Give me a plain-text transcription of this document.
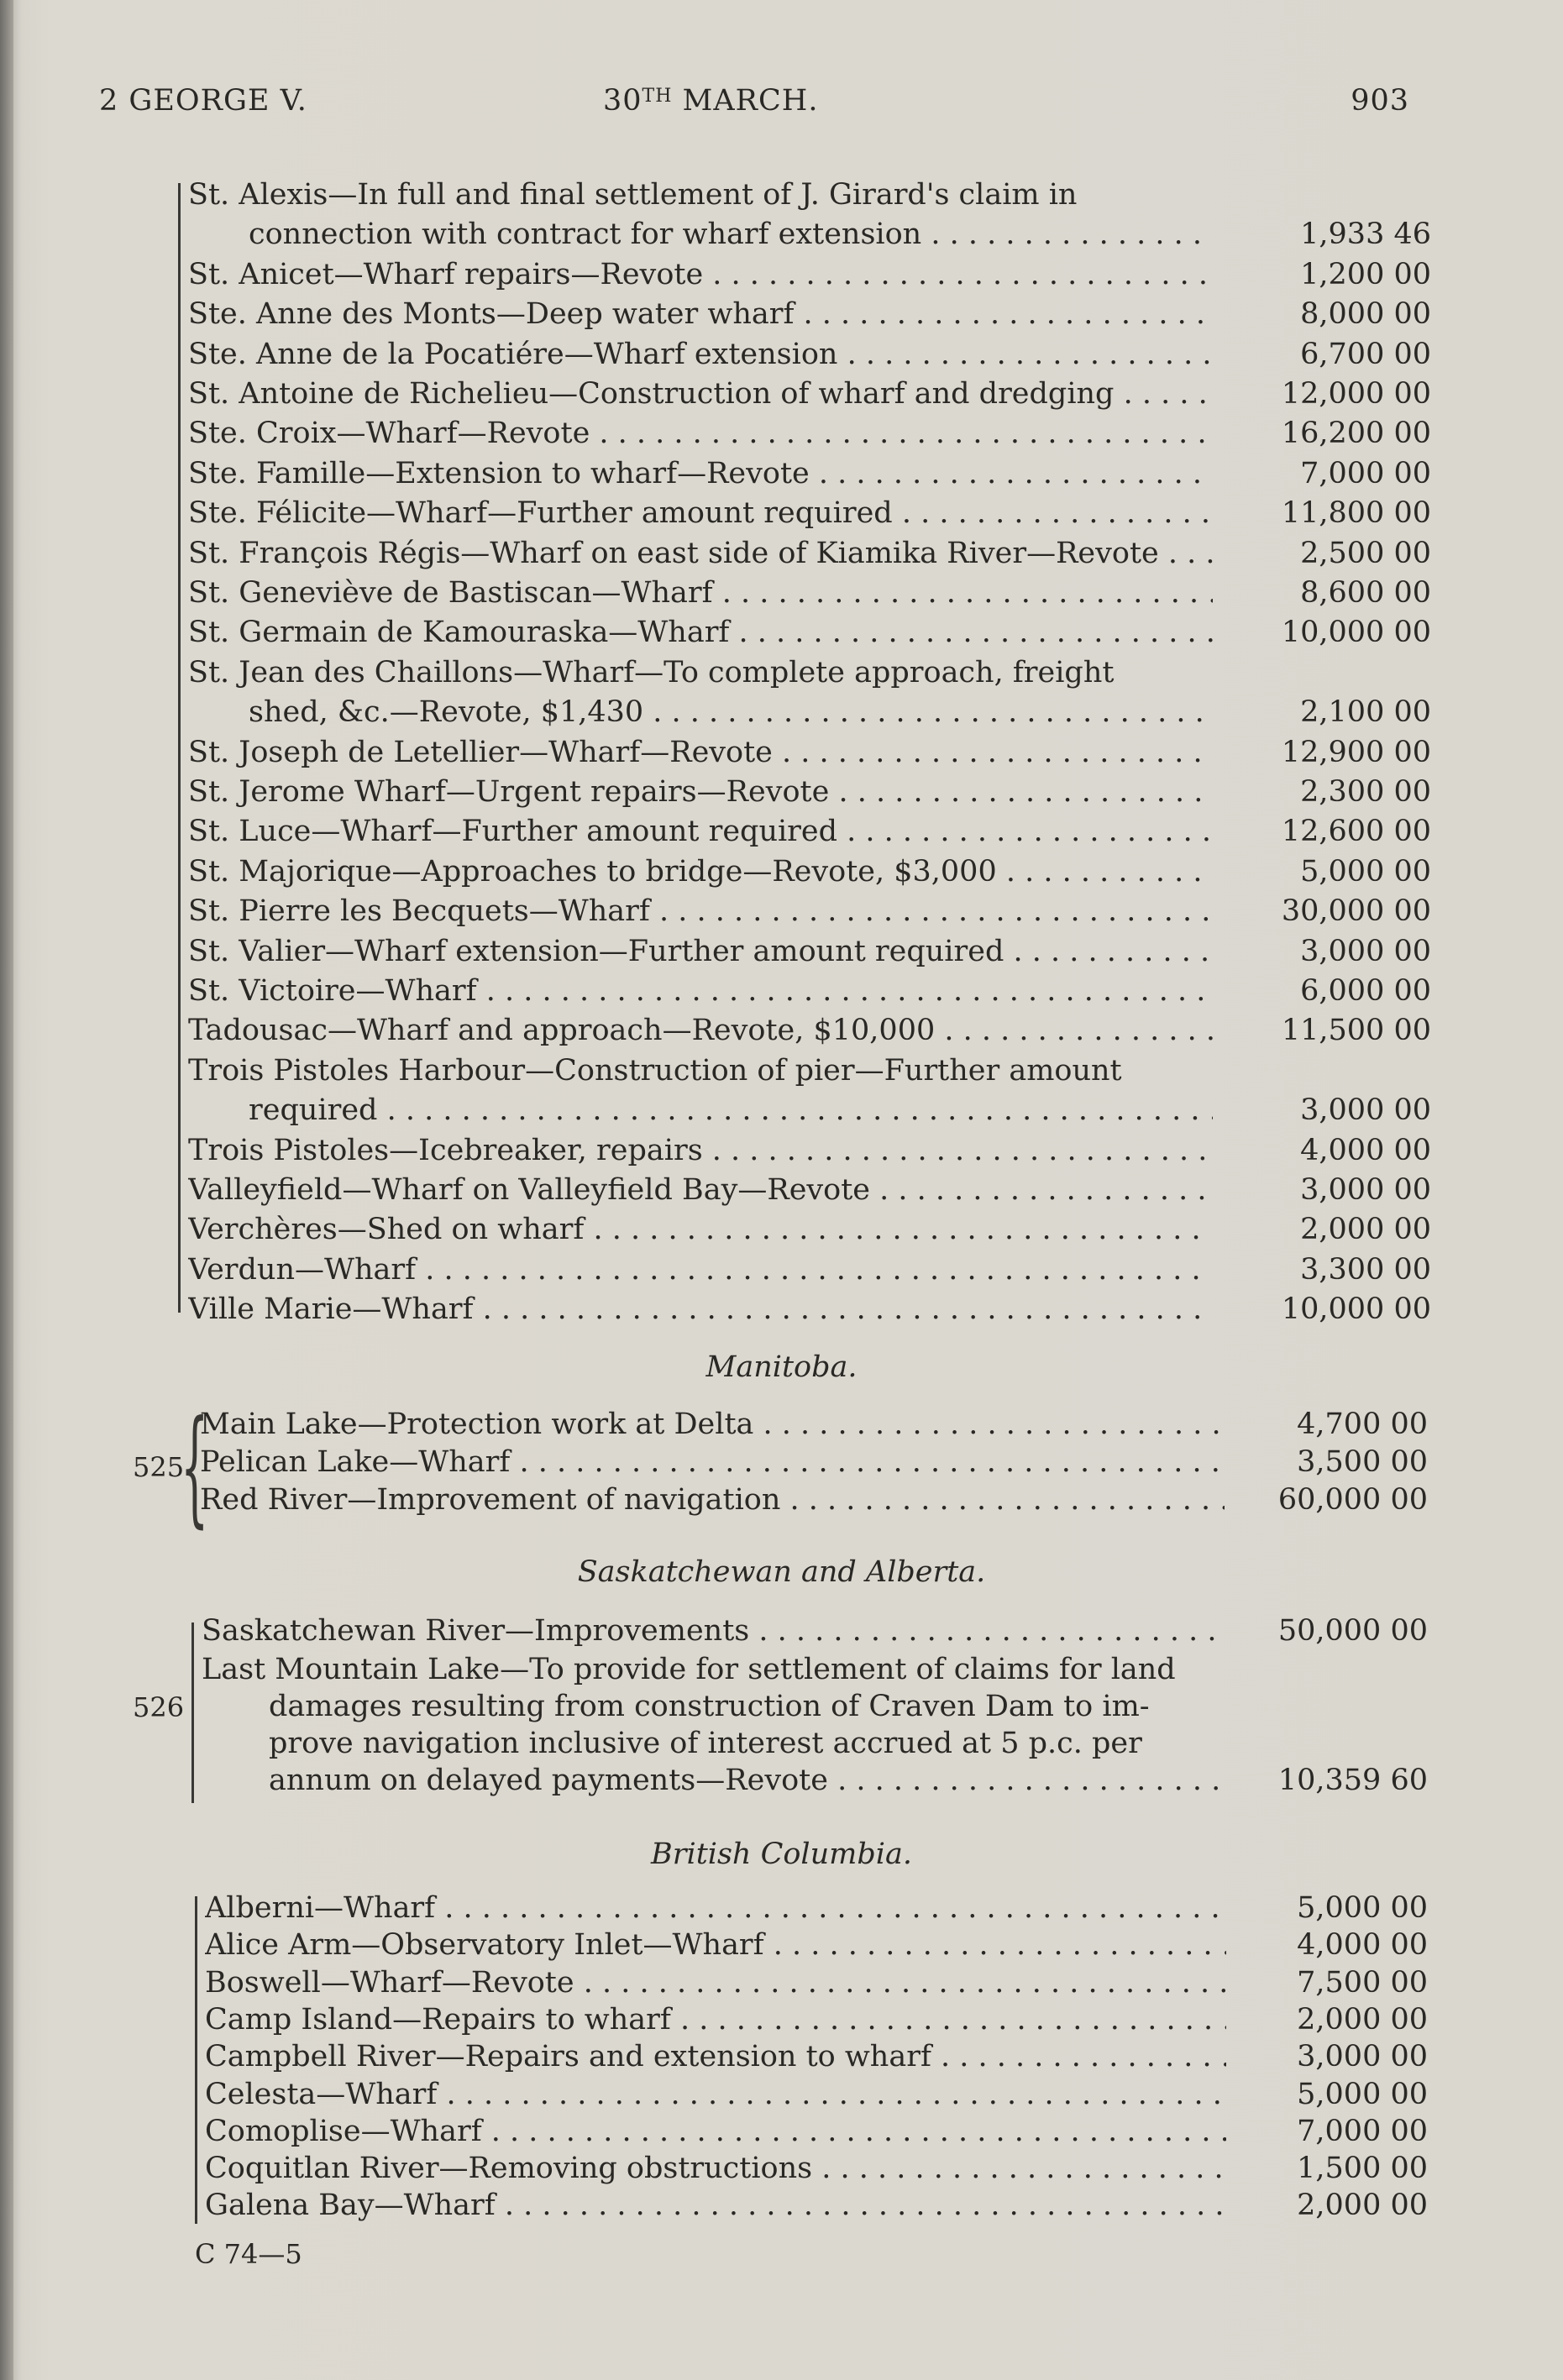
2 GEORGE V.	30TH MARCH.	903
St. Alexis—In full and final settlement of J. Girard's claim in
connection with contract for wharf extension . . .	1,933 46
St. Anicet—Wharf repairs—Revote . . .	1,200 00
Ste. Anne des Monts—Deep water wharf . . .	8,000 00
Ste. Anne de la Pocatiére—Wharf extension . . .	6,700 00
St. Antoine de Richelieu—Construction of wharf and dredging . . .	12,000 00
Ste. Croix—Wharf—Revote . . .	16,200 00
Ste. Famille—Extension to wharf—Revote . . .	7,000 00
Ste. Félicite—Wharf—Further amount required . . .	11,800 00
St. François Régis—Wharf on east side of Kiamika River—Revote . . .	2,500 00
St. Geneviève de Bastiscan—Wharf . . .	8,600 00
St. Germain de Kamouraska—Wharf . . .	10,000 00
St. Jean des Chaillons—Wharf—To complete approach, freight
shed, &c.—Revote, $1,430 . . .	2,100 00
St. Joseph de Letellier—Wharf—Revote . . .	12,900 00
St. Jerome Wharf—Urgent repairs—Revote . . .	2,300 00
St. Luce—Wharf—Further amount required . . .	12,600 00
St. Majorique—Approaches to bridge—Revote, $3,000 . . .	5,000 00
St. Pierre les Becquets—Wharf . . .	30,000 00
St. Valier—Wharf extension—Further amount required . . .	3,000 00
St. Victoire—Wharf . . .	6,000 00
Tadousac—Wharf and approach—Revote, $10,000 . . .	11,500 00
Trois Pistoles Harbour—Construction of pier—Further amount
required . . .	3,000 00
Trois Pistoles—Icebreaker, repairs . . .	4,000 00
Valleyfield—Wharf on Valleyfield Bay—Revote . . .	3,000 00
Verchères—Shed on wharf . . .	2,000 00
Verdun—Wharf . . .	3,300 00
Ville Marie—Wharf . . .	10,000 00
Manitoba.
525
{
Main Lake—Protection work at Delta . . .	4,700 00
Pelican Lake—Wharf . . .	3,500 00
Red River—Improvement of navigation . . .	60,000 00
Saskatchewan and Alberta.
526
Saskatchewan River—Improvements . . .	50,000 00
Last Mountain Lake—To provide for settlement of claims for land
damages resulting from construction of Craven Dam to im-
prove navigation inclusive of interest accrued at 5 p.c. per
annum on delayed payments—Revote . . .	10,359 60
British Columbia.
Alberni—Wharf . . .	5,000 00
Alice Arm—Observatory Inlet—Wharf . . .	4,000 00
Boswell—Wharf—Revote . . .	7,500 00
Camp Island—Repairs to wharf . . .	2,000 00
Campbell River—Repairs and extension to wharf . . .	3,000 00
Celesta—Wharf . . .	5,000 00
Comoplise—Wharf . . .	7,000 00
Coquitlan River—Removing obstructions . . .	1,500 00
Galena Bay—Wharf . . .	2,000 00
C 74—5
